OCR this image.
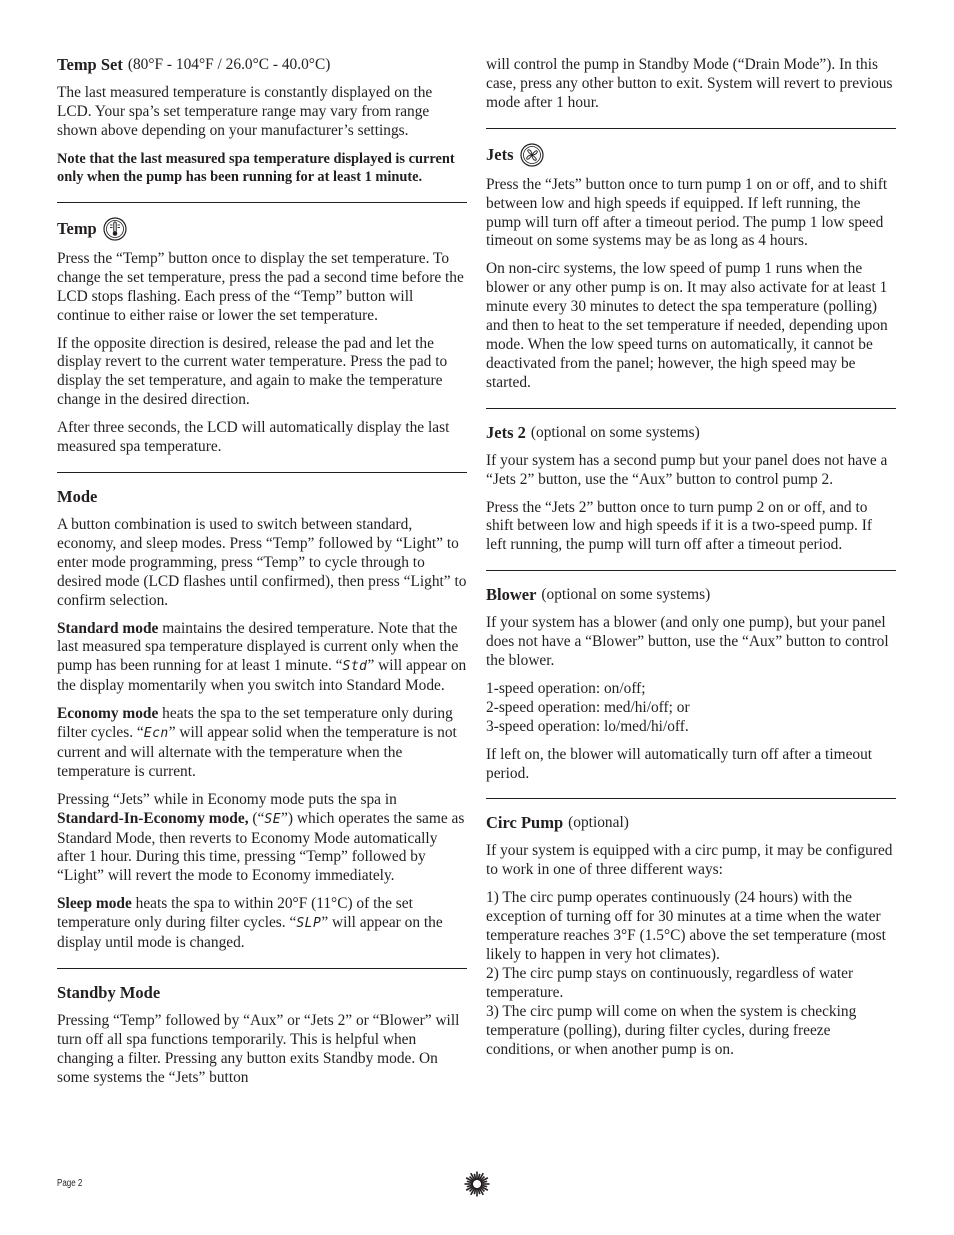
Temp Set (80°F - 104°F / 26.0°C - 40.0°C)

The last measured temperature is constantly displayed on the LCD. Your spa’s set temperature range may vary from range shown above depending on your manufacturer’s settings.

Note that the last measured spa temperature displayed is current only when the pump has been running for at least 1 minute.

Temp

Press the “Temp” button once to display the set temperature. To change the set temperature, press the pad a second time before the LCD stops flashing. Each press of the “Temp” button will continue to either raise or lower the set temperature.

If the opposite direction is desired, release the pad and let the display revert to the current water temperature. Press the pad to display the set temperature, and again to make the temperature change in the desired direction.

After three seconds, the LCD will automatically display the last measured spa temperature.

Mode

A button combination is used to switch between standard, economy, and sleep modes. Press “Temp” followed by “Light” to enter mode programming, press “Temp” to cycle through to desired mode (LCD flashes until confirmed), then press “Light” to confirm selection.

Standard mode maintains the desired temperature. Note that the last measured spa temperature displayed is current only when the pump has been running for at least 1 minute. “Std” will appear on the display momentarily when you switch into Standard Mode.

Economy mode heats the spa to the set temperature only during filter cycles. “Ecn” will appear solid when the temperature is not current and will alternate with the temperature when the temperature is current.

Pressing “Jets” while in Economy mode puts the spa in Standard-In-Economy mode, (“SE”) which operates the same as Standard Mode, then reverts to Economy Mode automatically after 1 hour. During this time, pressing “Temp” followed by “Light” will revert the mode to Economy immediately.

Sleep mode heats the spa to within 20°F (11°C) of the set temperature only during filter cycles. “SLP” will appear on the display until mode is changed.

Standby Mode

Pressing “Temp” followed by “Aux” or “Jets 2” or “Blower” will turn off all spa functions temporarily. This is helpful when changing a filter. Pressing any button exits Standby mode. On some systems the “Jets” button

will control the pump in Standby Mode (“Drain Mode”). In this case, press any other button to exit. System will revert to previous mode after 1 hour.

Jets

Press the “Jets” button once to turn pump 1 on or off, and to shift between low and high speeds if equipped. If left running, the pump will turn off after a timeout period. The pump 1 low speed timeout on some systems may be as long as 4 hours.

On non-circ systems, the low speed of pump 1 runs when the blower or any other pump is on. It may also activate for at least 1 minute every 30 minutes to detect the spa temperature (polling) and then to heat to the set temperature if needed, depending upon mode. When the low speed turns on automatically, it cannot be deactivated from the panel; however, the high speed may be started.

Jets 2 (optional on some systems)

If your system has a second pump but your panel does not have a “Jets 2” button, use the “Aux” button to control pump 2.

Press the “Jets 2” button once to turn pump 2 on or off, and to shift between low and high speeds if it is a two-speed pump. If left running, the pump will turn off after a timeout period.

Blower (optional on some systems)

If your system has a blower (and only one pump), but your panel does not have a “Blower” button, use the “Aux” button to control the blower.

1-speed operation: on/off;

2-speed operation: med/hi/off; or

3-speed operation: lo/med/hi/off.

If left on, the blower will automatically turn off after a timeout period.

Circ Pump (optional)

If your system is equipped with a circ pump, it may be configured to work in one of three different ways:

1) The circ pump operates continuously (24 hours) with the exception of turning off for 30 minutes at a time when the water temperature reaches 3°F (1.5°C) above the set temperature (most likely to happen in very hot climates).

2) The circ pump stays on continuously, regardless of water temperature.

3) The circ pump will come on when the system is checking temperature (polling), during filter cycles, during freeze conditions, or when another pump is on.

Page 2
